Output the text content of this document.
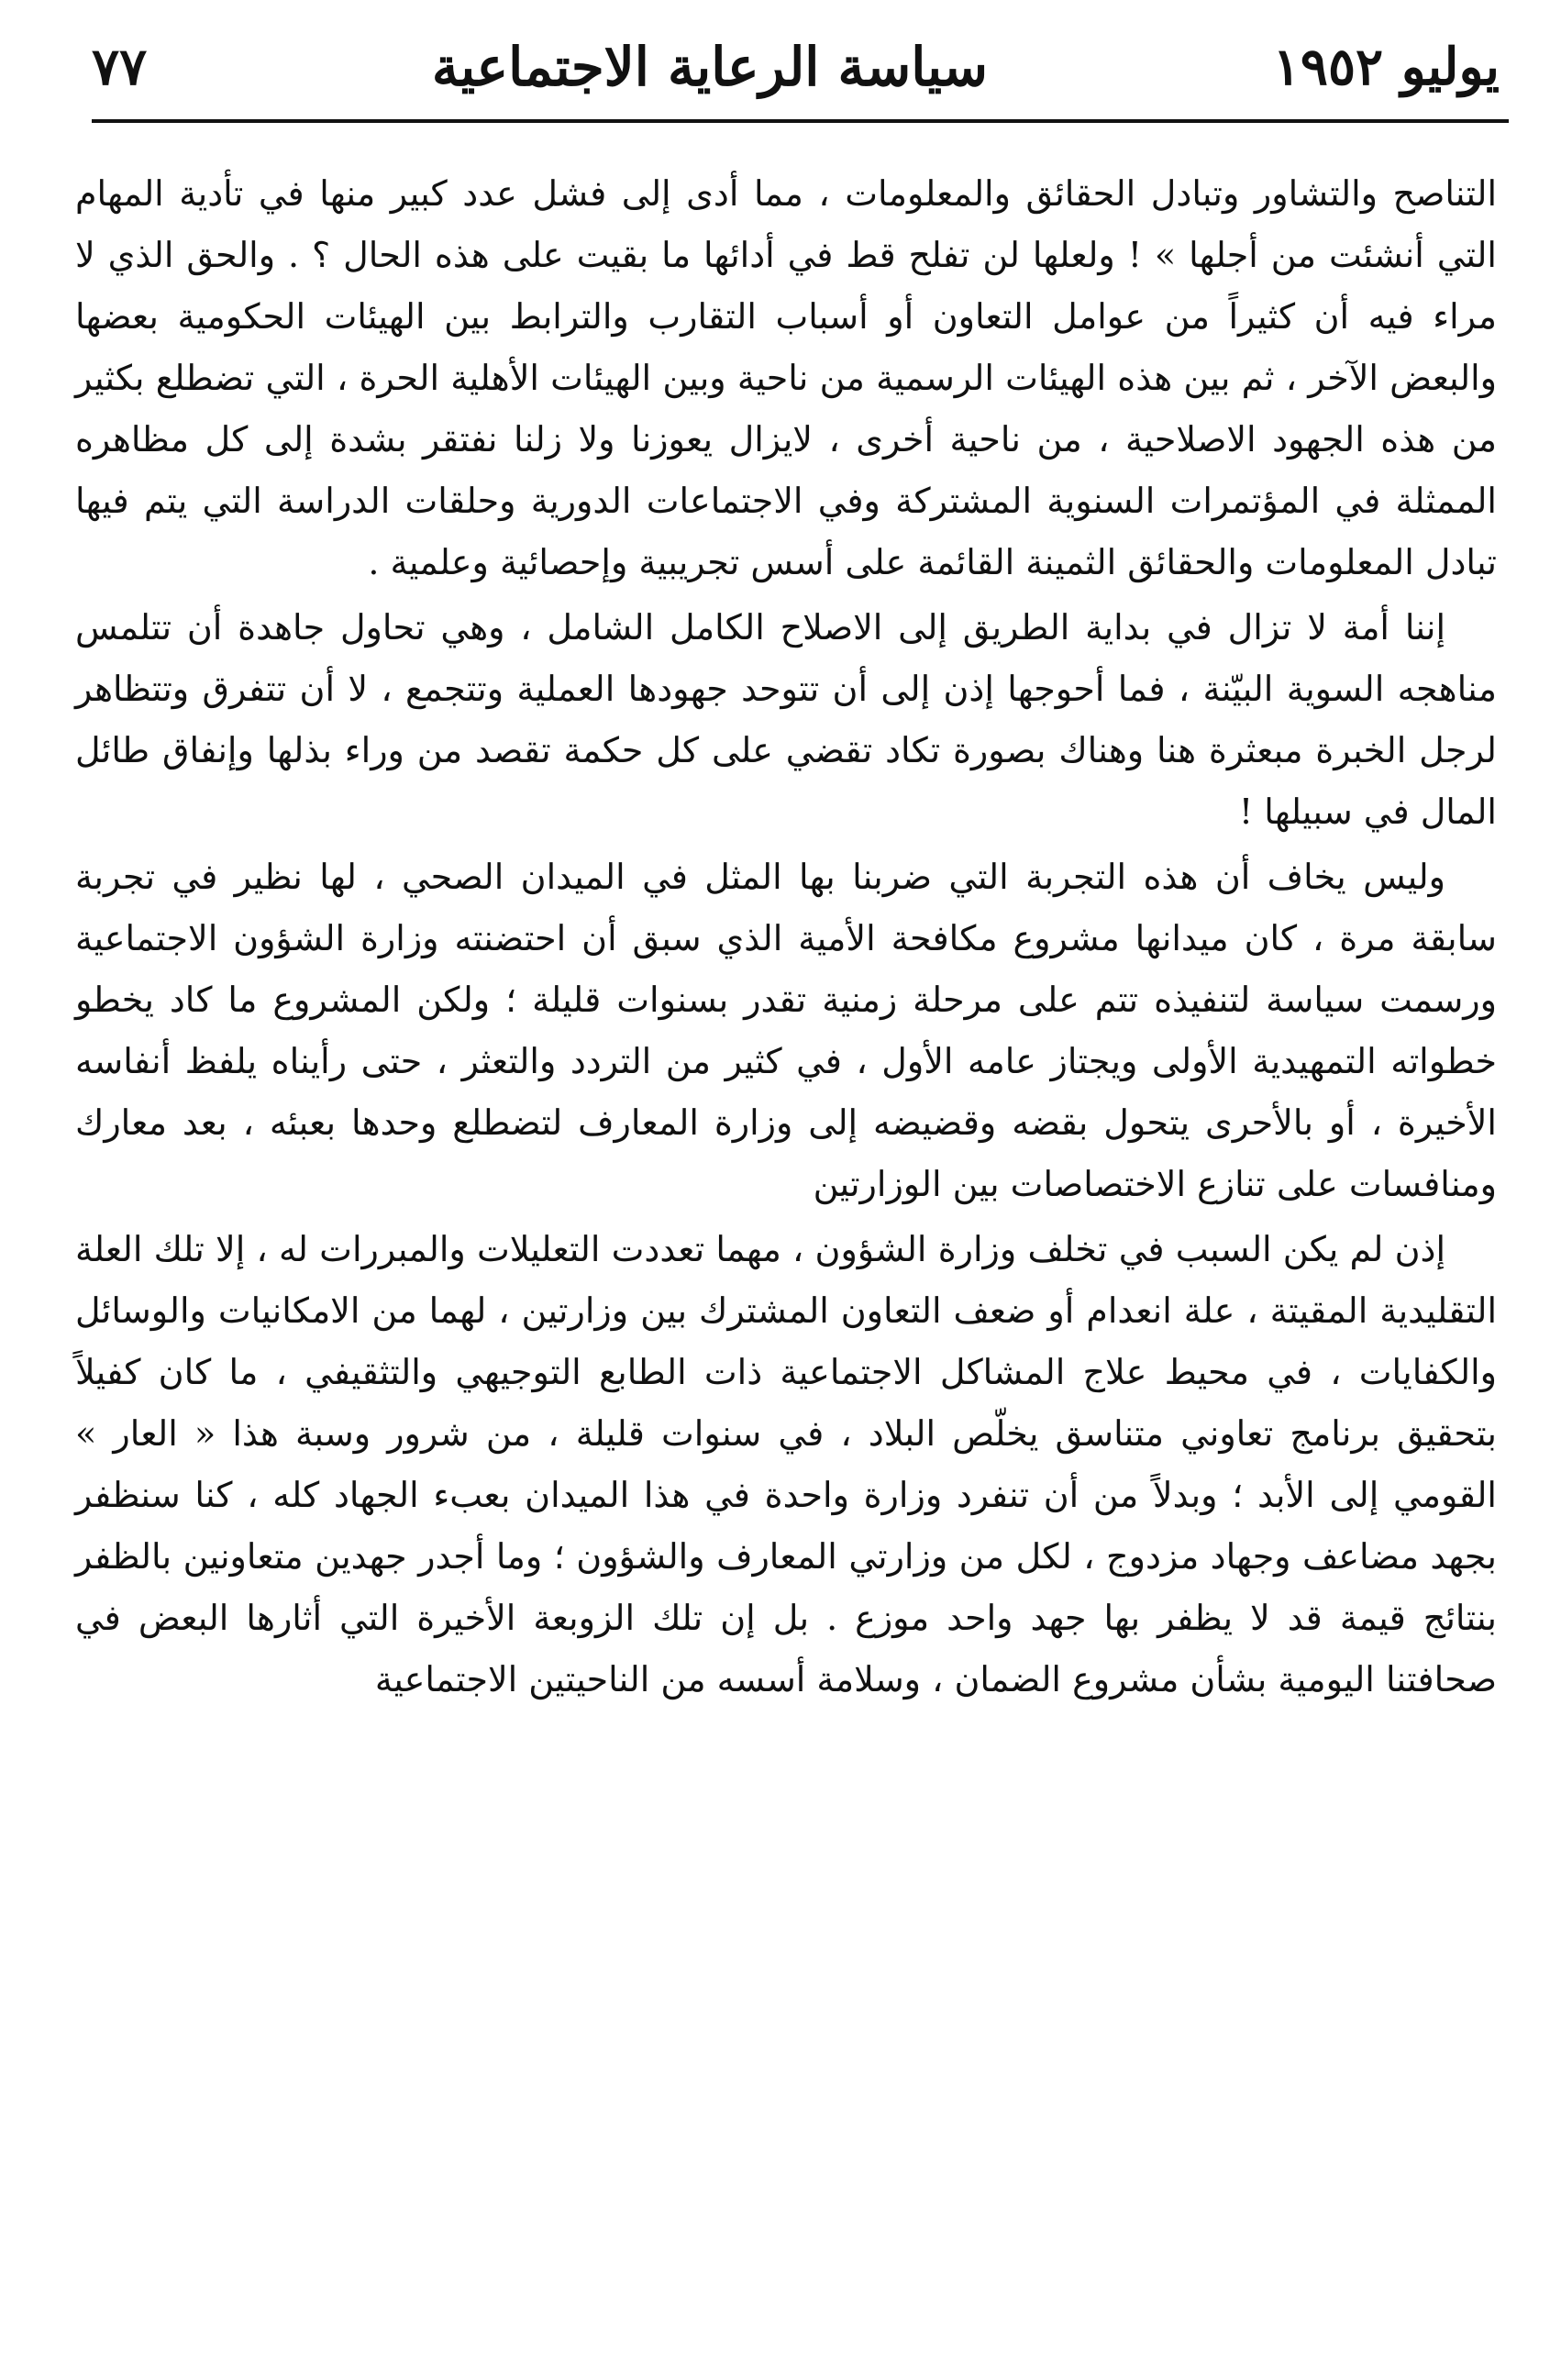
يوليو ١٩٥٢
سياسة الرعاية الاجتماعية
٧٧

التناصح والتشاور وتبادل الحقائق والمعلومات ، مما أدى إلى فشل عدد كبير منها في تأدية المهام التي أنشئت من أجلها » ! ولعلها لن تفلح قط في أدائها ما بقيت على هذه الحال ؟ . والحق الذي لا مراء فيه أن كثيراً من عوامل التعاون أو أسباب التقارب والترابط بين الهيئات الحكومية بعضها والبعض الآخر ، ثم بين هذه الهيئات الرسمية من ناحية وبين الهيئات الأهلية الحرة ، التي تضطلع بكثير من هذه الجهود الاصلاحية ، من ناحية أخرى ، لايزال يعوزنا ولا زلنا نفتقر بشدة إلى كل مظاهره الممثلة في المؤتمرات السنوية المشتركة وفي الاجتماعات الدورية وحلقات الدراسة التي يتم فيها تبادل المعلومات والحقائق الثمينة القائمة على أسس تجريبية وإحصائية وعلمية .

إننا أمة لا تزال في بداية الطريق إلى الاصلاح الكامل الشامل ، وهي تحاول جاهدة أن تتلمس مناهجه السوية البيّنة ، فما أحوجها إذن إلى أن تتوحد جهودها العملية وتتجمع ، لا أن تتفرق وتتظاهر لرجل الخبرة مبعثرة هنا وهناك بصورة تكاد تقضي على كل حكمة تقصد من وراء بذلها وإنفاق طائل المال في سبيلها !

وليس يخاف أن هذه التجربة التي ضربنا بها المثل في الميدان الصحي ، لها نظير في تجربة سابقة مرة ، كان ميدانها مشروع مكافحة الأمية الذي سبق أن احتضنته وزارة الشؤون الاجتماعية ورسمت سياسة لتنفيذه تتم على مرحلة زمنية تقدر بسنوات قليلة ؛ ولكن المشروع ما كاد يخطو خطواته التمهيدية الأولى ويجتاز عامه الأول ، في كثير من التردد والتعثر ، حتى رأيناه يلفظ أنفاسه الأخيرة ، أو بالأحرى يتحول بقضه وقضيضه إلى وزارة المعارف لتضطلع وحدها بعبئه ، بعد معارك ومنافسات على تنازع الاختصاصات بين الوزارتين

إذن لم يكن السبب في تخلف وزارة الشؤون ، مهما تعددت التعليلات والمبررات له ، إلا تلك العلة التقليدية المقيتة ، علة انعدام أو ضعف التعاون المشترك بين وزارتين ، لهما من الامكانيات والوسائل والكفايات ، في محيط علاج المشاكل الاجتماعية ذات الطابع التوجيهي والتثقيفي ، ما كان كفيلاً بتحقيق برنامج تعاوني متناسق يخلّص البلاد ، في سنوات قليلة ، من شرور وسبة هذا « العار » القومي إلى الأبد ؛ وبدلاً من أن تنفرد وزارة واحدة في هذا الميدان بعبء الجهاد كله ، كنا سنظفر بجهد مضاعف وجهاد مزدوج ، لكل من وزارتي المعارف والشؤون ؛ وما أجدر جهدين متعاونين بالظفر بنتائج قيمة قد لا يظفر بها جهد واحد موزع . بل إن تلك الزوبعة الأخيرة التي أثارها البعض في صحافتنا اليومية بشأن مشروع الضمان ، وسلامة أسسه من الناحيتين الاجتماعية
